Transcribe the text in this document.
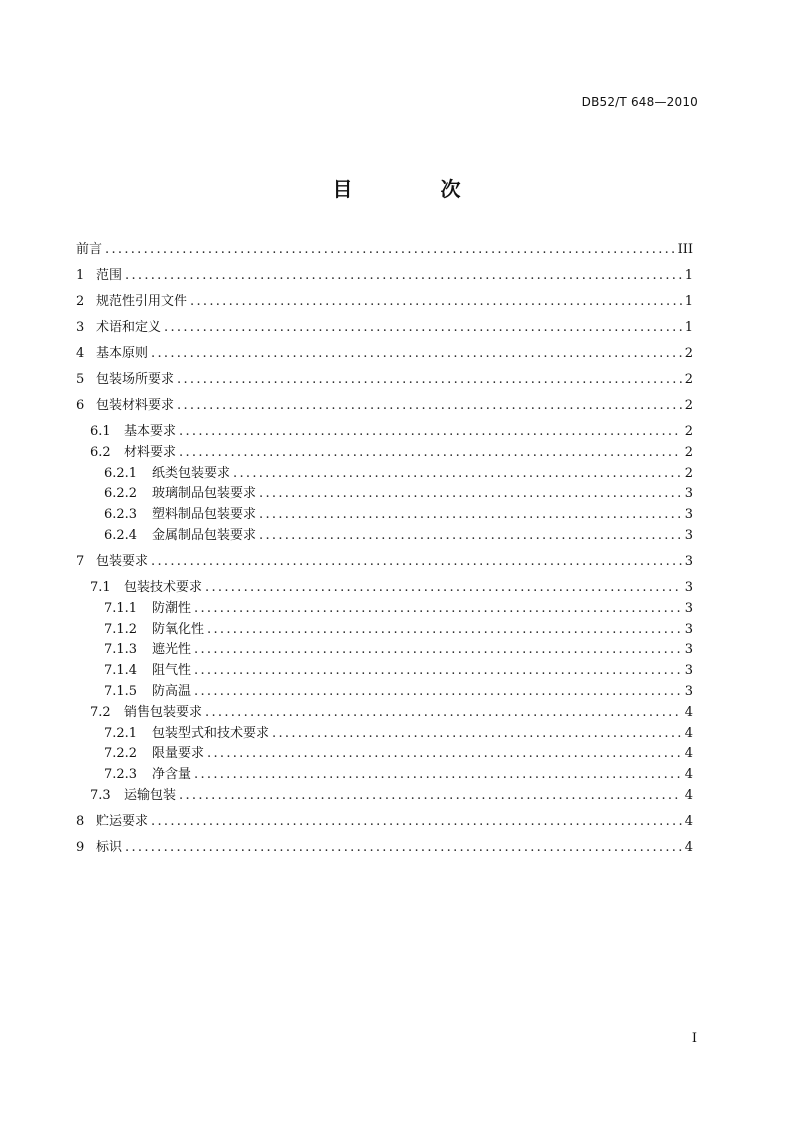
DB52/T 648—2010
目　次
前言 .....	III
1 范围 .....	1
2 规范性引用文件 .....	1
3 术语和定义 .....	1
4 基本原则 .....	2
5 包装场所要求 .....	2
6 包装材料要求 .....	2
6.1	基本要求 .....	2
6.2	材料要求 .....	2
6.2.1	纸类包装要求 .....	2
6.2.2	玻璃制品包装要求 .....	3
6.2.3	塑料制品包装要求 .....	3
6.2.4	金属制品包装要求 .....	3
7 包装要求 .....	3
7.1	包装技术要求 .....	3
7.1.1	防潮性 .....	3
7.1.2	防氧化性 .....	3
7.1.3	遮光性 .....	3
7.1.4	阻气性 .....	3
7.1.5	防高温 .....	3
7.2	销售包装要求 .....	4
7.2.1	包装型式和技术要求 .....	4
7.2.2	限量要求 .....	4
7.2.3	净含量 .....	4
7.3	运输包装 .....	4
8 贮运要求 .....	4
9 标识 .....	4
I
